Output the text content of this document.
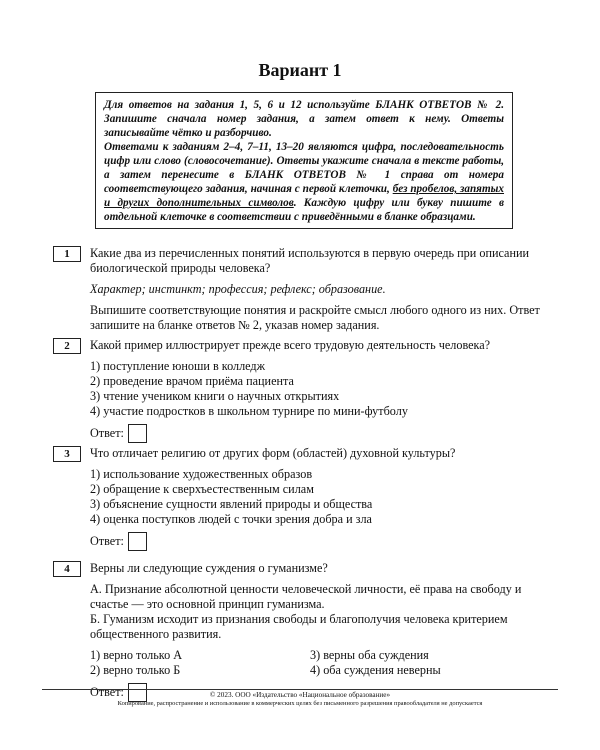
Вариант 1

Для ответов на задания 1, 5, 6 и 12 используйте БЛАНК ОТВЕТОВ № 2. Запишите сначала номер задания, а затем ответ к нему. Ответы записывайте чётко и разборчиво.

Ответами к заданиям 2–4, 7–11, 13–20 являются цифра, последовательность цифр или слово (словосочетание). Ответы укажите сначала в тексте работы, а затем перенесите в БЛАНК ОТВЕТОВ № 1 справа от номера соответствующего задания, начиная с первой клеточки, без пробелов, запятых и других дополнительных символов. Каждую цифру или букву пишите в отдельной клеточке в соответствии с приведёнными в бланке образцами.

1	Какие два из перечисленных понятий используются в первую очередь при описании биологической природы человека?

Характер; инстинкт; профессия; рефлекс; образование.

Выпишите соответствующие понятия и раскройте смысл любого одного из них. Ответ запишите на бланке ответов № 2, указав номер задания.

2	Какой пример иллюстрирует прежде всего трудовую деятельность человека?

1) поступление юноши в колледж
2) проведение врачом приёма пациента
3) чтение учеником книги о научных открытиях
4) участие подростков в школьном турнире по мини-футболу
Ответ:
3	Что отличает религию от других форм (областей) духовной культуры?

1) использование художественных образов
2) обращение к сверхъестественным силам
3) объяснение сущности явлений природы и общества
4) оценка поступков людей с точки зрения добра и зла
Ответ:
4	Верны ли следующие суждения о гуманизме?

А. Признание абсолютной ценности человеческой личности, её права на свободу и счастье — это основной принцип гуманизма.

Б. Гуманизм исходит из признания свободы и благополучия человека критерием общественного развития.

1) верно только А	3) верны оба суждения
2) верно только Б	4) оба суждения неверны
Ответ:	© 2023. ООО «Издательство «Национальное образование»
Копирование, распространение и использование в коммерческих целях без письменного разрешения правообладателя не допускается
